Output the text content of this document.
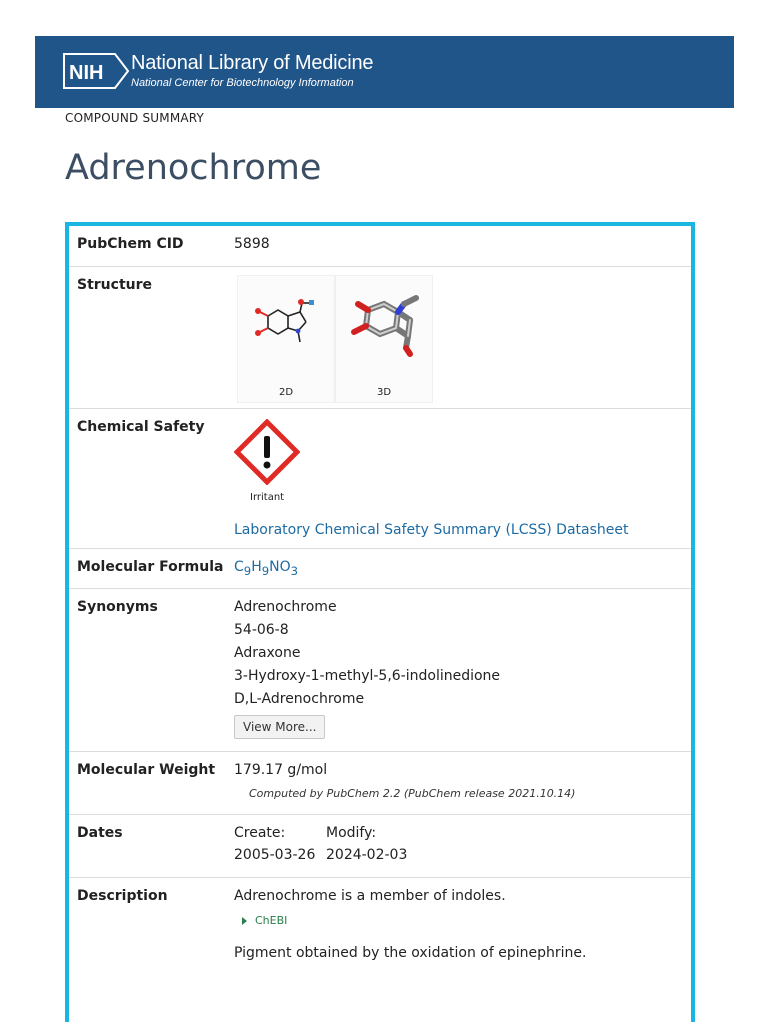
NIH National Library of Medicine
National Center for Biotechnology Information
COMPOUND SUMMARY
Adrenochrome
PubChem CID	5898
Structure
2D	3D
Chemical Safety
Irritant
Laboratory Chemical Safety Summary (LCSS) Datasheet
Molecular Formula $C_9H_9NO_3$
Synonyms	Adrenochrome
54-06-8
Adraxone
3-Hydroxy-1-methyl-5,6-indolinedione
D,L-Adrenochrome
View More...
Molecular Weight 179.17 g/mol
Computed by PubChem 2.2 (PubChem release 2021.10.14)
Dates	Create:	Modify:
2005-03-26 2024-02-03
Description	Adrenochrome is a member of indoles.
ChEBI
Pigment obtained by the oxidation of epinephrine.
